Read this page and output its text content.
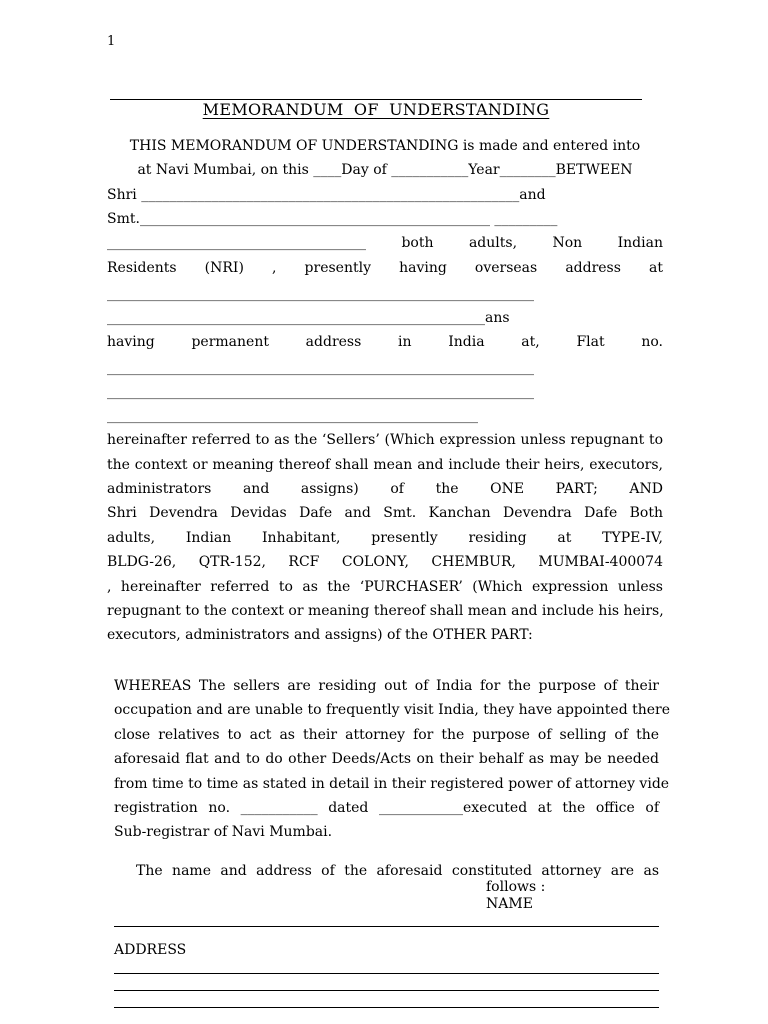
1
MEMORANDUM OF UNDERSTANDING
THIS MEMORANDUM OF UNDERSTANDING is made and entered into
at Navi Mumbai, on this ____Day of ___________Year________BETWEEN
Shri ______________________________________________________and
Smt.__________________________________________________ _________
_____________________________________ both adults, Non Indian
Residents (NRI) , presently having overseas address at
_____________________________________________________________
______________________________________________________ans
having permanent address in India at, Flat no.
_____________________________________________________________
_____________________________________________________________
_____________________________________________________
hereinafter referred to as the ‘Sellers’ (Which expression unless repugnant to
the context or meaning thereof shall mean and include their heirs, executors,
administrators and assigns) of the ONE PART; AND
Shri Devendra Devidas Dafe and Smt. Kanchan Devendra Dafe Both
adults, Indian Inhabitant, presently residing at TYPE-IV,
BLDG-26, QTR-152, RCF COLONY, CHEMBUR, MUMBAI-400074
, hereinafter referred to as the ‘PURCHASER’ (Which expression unless
repugnant to the context or meaning thereof shall mean and include his heirs,
executors, administrators and assigns) of the OTHER PART:
WHEREAS The sellers are residing out of India for the purpose of their
occupation and are unable to frequently visit India, they have appointed there
close relatives to act as their attorney for the purpose of selling of the
aforesaid flat and to do other Deeds/Acts on their behalf as may be needed
from time to time as stated in detail in their registered power of attorney vide
registration no. ___________ dated ____________executed at the office of
Sub-registrar of Navi Mumbai.
The name and address of the aforesaid constituted attorney are as
follows :
NAME
ADDRESS
